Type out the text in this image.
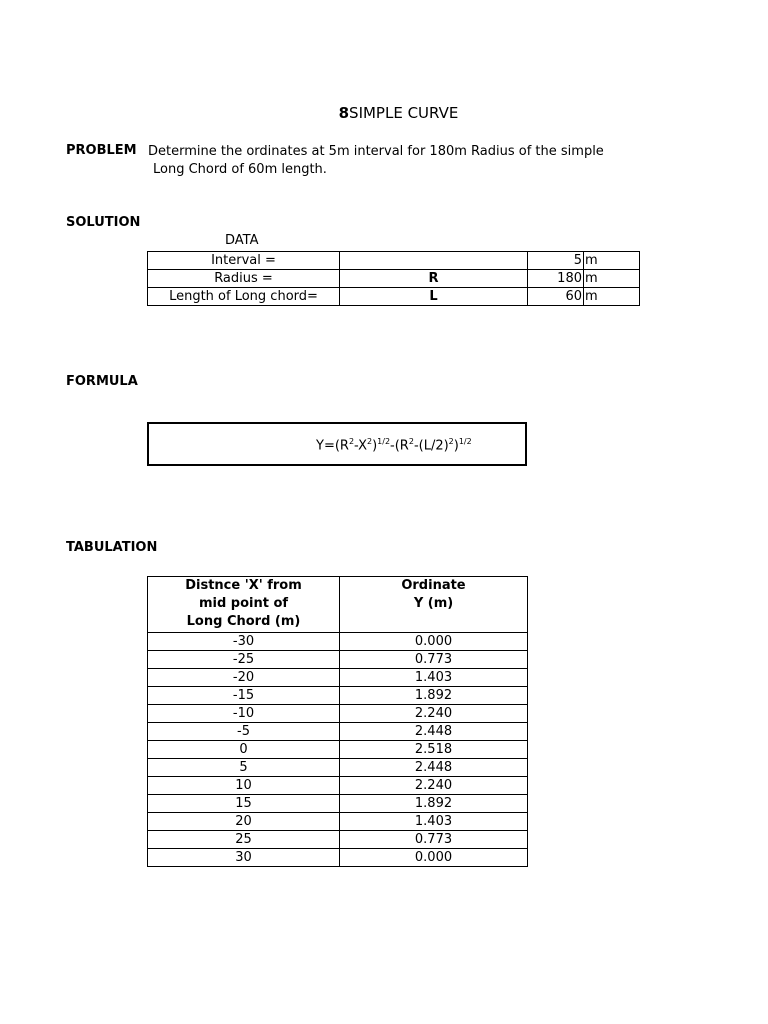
8SIMPLE CURVE
PROBLEM Determine the ordinates at 5m interval for 180m Radius of the simple
Long Chord of 60m length.
SOLUTION
DATA
Interval =		5	m
Radius =	R	180	m
Length of Long chord=	L	60	m
FORMULA
$Y=(R^2-X^2)^{1/2}-(R^2-(L/2)^2)^{1/2}$
TABULATION
Distnce 'X' from
mid point of
Long Chord (m)	Ordinate
Y (m)

-30	0.000
-25	0.773
-20	1.403
-15	1.892
-10	2.240
-5	2.448
0	2.518
5	2.448
10	2.240
15	1.892
20	1.403
25	0.773
30	0.000
